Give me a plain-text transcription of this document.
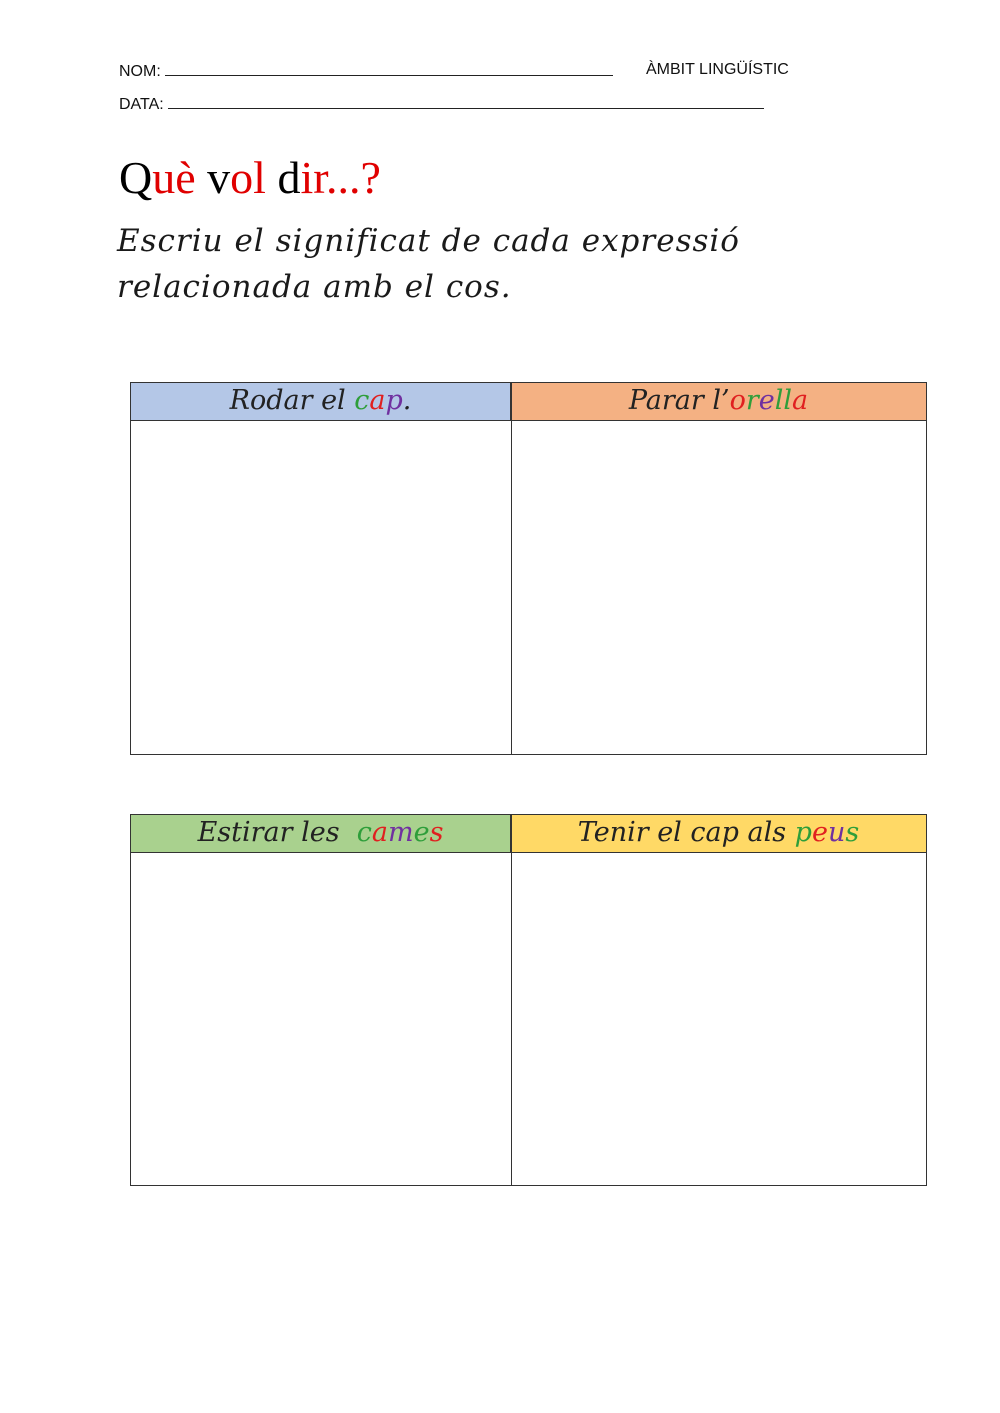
NOM:	ÀMBIT LINGÜÍSTIC
DATA:
Què vol dir...?
Escriu el significat de cada expressió
relacionada amb el cos.
Rodar el cap.	Parar l’orella
Estirar les  cames	Tenir el cap als peus
